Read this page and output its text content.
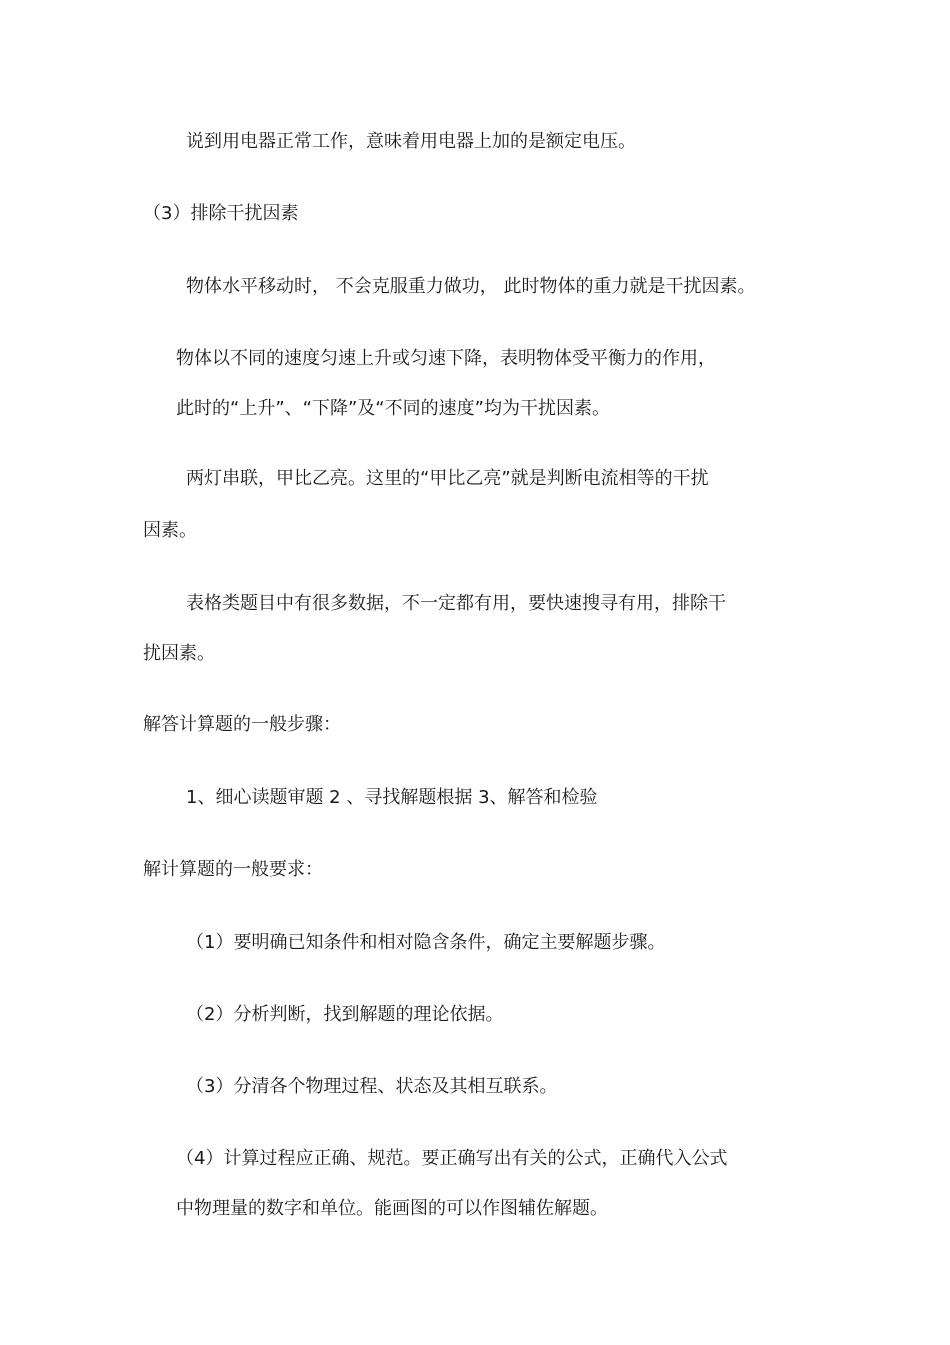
说到用电器正常工作，意味着用电器上加的是额定电压。

（3）排除干扰因素

物体水平移动时， 不会克服重力做功， 此时物体的重力就是干扰因素。

物体以不同的速度匀速上升或匀速下降，表明物体受平衡力的作用，

此时的“上升”、“下降”及“不同的速度”均为干扰因素。

两灯串联，甲比乙亮。这里的“甲比乙亮”就是判断电流相等的干扰

因素。

表格类题目中有很多数据，不一定都有用，要快速搜寻有用，排除干

扰因素。

解答计算题的一般步骤：

1、细心读题审题 2 、寻找解题根据 3、解答和检验

解计算题的一般要求：

（1）要明确已知条件和相对隐含条件，确定主要解题步骤。

（2）分析判断，找到解题的理论依据。

（3）分清各个物理过程、状态及其相互联系。

（4）计算过程应正确、规范。要正确写出有关的公式，正确代入公式

中物理量的数字和单位。能画图的可以作图辅佐解题。
